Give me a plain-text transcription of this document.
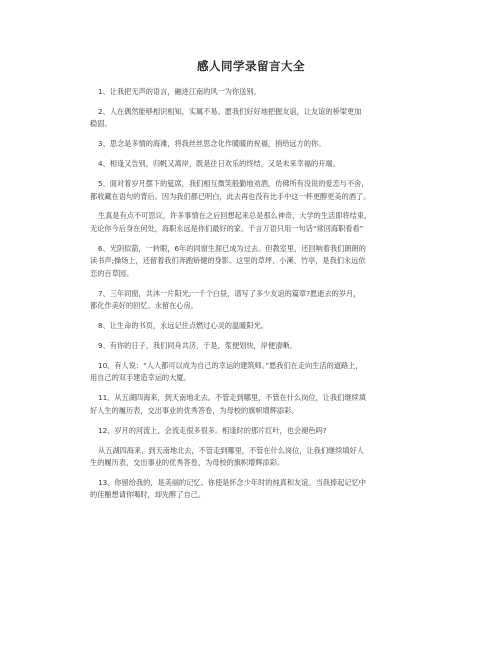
感人同学录留言大全
1、让我把无声的语言，融进江南的风一为你送别。
2、人在偶然能够相识相知，实属不易。愿我们好好地把握友谊，让友谊的桥梁更加
稳固。
3、思念是多情的海滩，将我丝丝思念化作暖暖的祝福，捎给远方的你。
4、相逢又告别，归帆又离岸，既是往日欢乐的终结，又是未来幸福的开端。
5、面对着岁月摆下的筵席，我们相互微笑般勤地劝酒，仿佛所有没说的爱恋与不舍，
都收藏在语句的背后。因为我们都已明白，此去再也没有比手中这一杯更醇更美的酒了。
生真是有点不可思议，许多事情在之后回想起来总是那么神奇，大学的生活即将结束，
无论你今后身在何处，海职永远是你们最好的家。千言万语只用一句话“常回海职看看”
6、光阴似箭，一转眼，6年的同窗生涯已成为过去。但教室里，还回响着我们朗朗的
读书声;操场上，还留着我们奔跑矫健的身影。这里的草坪、小溪、竹亭，是我们永远依
恋的百草园。
7、三年同窗，共沐一片阳光;一千个白昼，谱写了多少友谊的篇章?愿逝去的岁月，
都化作美好的回忆。永留在心房。
8、让生命的书页，永远记住点燃过心灵的温暖阳光。
9、有你的日子，我们同舟共济，于是，浆便划快，岸便清晰。
10、有人说：“人人都可以成为自己的幸运的建筑师。”愿我们在走向生活的道路上，
用自己的双手建造幸运的大厦。
11、从五湖四海来，到天南地北去。不管走到哪里，不管在什么岗位，让我们继续填
好人生的履历表，交出事业的优秀答卷，为母校的旗帜增辉添彩。
12、岁月的河流上，会流走很多很多。相逢时的那片红叶，也会褪色吗?
从五湖四海来，到天南地北去，不管走到哪里，不管在什么岗位，让我们继续填好人
生的履历表，交出事业的优秀答卷，为母校的旗帜增辉添彩。
13、你留给我的，是美丽的记忆。你使是怀念少年时的纯真和友谊。当我捧起记忆中
的佳酿想请你喝时，却先醉了自己。
